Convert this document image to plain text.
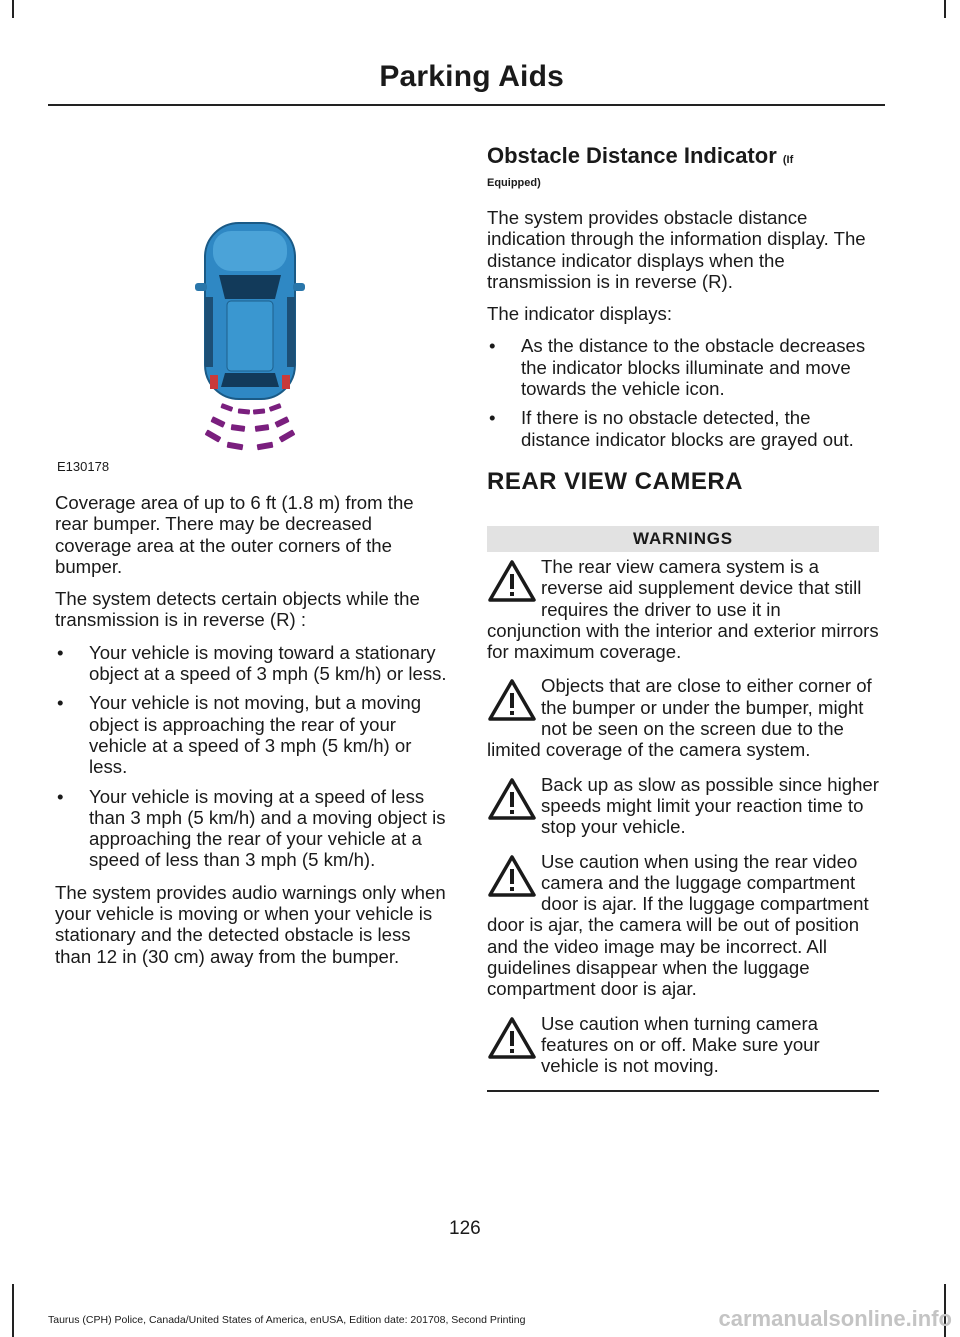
Parking Aids
E130178

Coverage area of up to 6 ft (1.8 m) from the rear bumper. There may be decreased coverage area at the outer corners of the bumper.

The system detects certain objects while the transmission is in reverse (R) :

• Your vehicle is moving toward a stationary object at a speed of 3 mph (5 km/h) or less.
• Your vehicle is not moving, but a moving object is approaching the rear of your vehicle at a speed of 3 mph (5 km/h) or less.
• Your vehicle is moving at a speed of less than 3 mph (5 km/h) and a moving object is approaching the rear of your vehicle at a speed of less than 3 mph (5 km/h).

The system provides audio warnings only when your vehicle is moving or when your vehicle is stationary and the detected obstacle is less than 12 in (30 cm) away from the bumper.

Obstacle Distance Indicator (If
Equipped)

The system provides obstacle distance indication through the information display. The distance indicator displays when the transmission is in reverse (R).

The indicator displays:

• As the distance to the obstacle decreases the indicator blocks illuminate and move towards the vehicle icon.
• If there is no obstacle detected, the distance indicator blocks are grayed out.
REAR VIEW CAMERA
WARNINGS
The rear view camera system is a reverse aid supplement device that still requires the driver to use it in conjunction with the interior and exterior mirrors for maximum coverage.
Objects that are close to either corner of the bumper or under the bumper, might not be seen on the screen due to the limited coverage of the camera system.
Back up as slow as possible since higher speeds might limit your reaction time to stop your vehicle.
Use caution when using the rear video camera and the luggage compartment door is ajar. If the luggage compartment door is ajar, the camera will be out of position and the video image may be incorrect. All guidelines disappear when the luggage compartment door is ajar.
Use caution when turning camera features on or off. Make sure your vehicle is not moving.
126
Taurus (CPH) Police, Canada/United States of America, enUSA, Edition date: 201708, Second Printing	carmanualsonline.info
